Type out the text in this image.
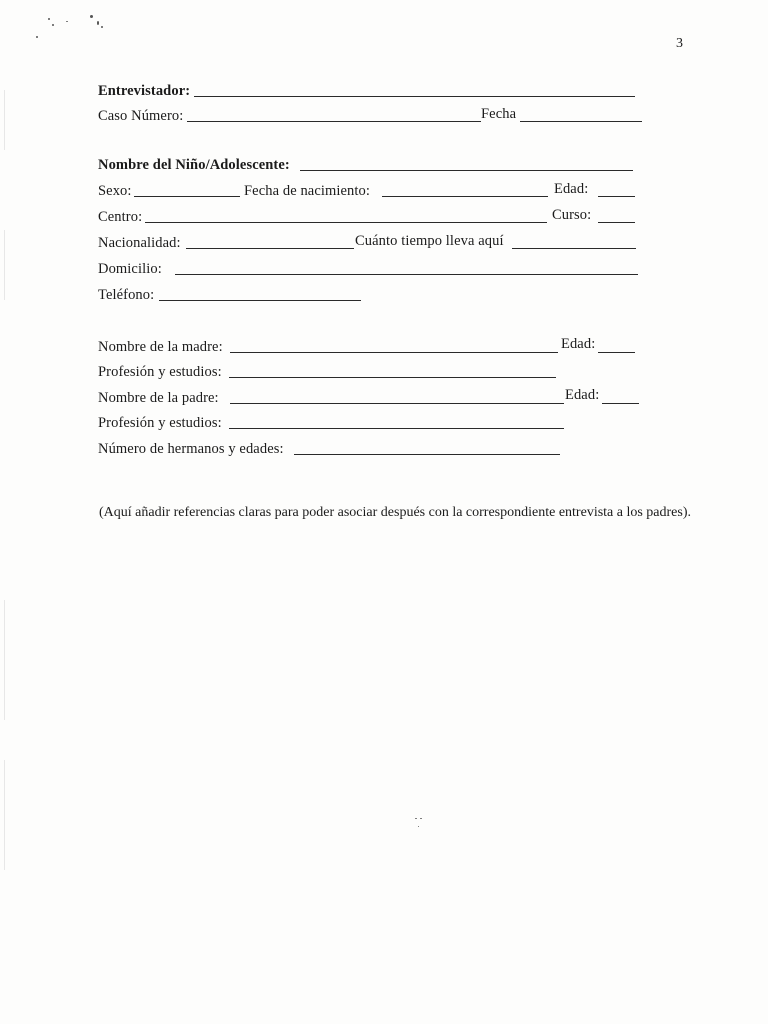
3
Entrevistador:
Caso Número:	Fecha
Nombre del Niño/Adolescente:
Sexo:	Fecha de nacimiento:	Edad:
Centro:	Curso:
Nacionalidad:	Cuánto tiempo lleva aquí
Domicilio:
Teléfono:
Nombre de la madre:	Edad:
Profesión y estudios:
Nombre de la padre:	Edad:
Profesión y estudios:
Número de hermanos y edades:
(Aquí añadir referencias claras para poder asociar después con la correspondiente entrevista a los padres).
